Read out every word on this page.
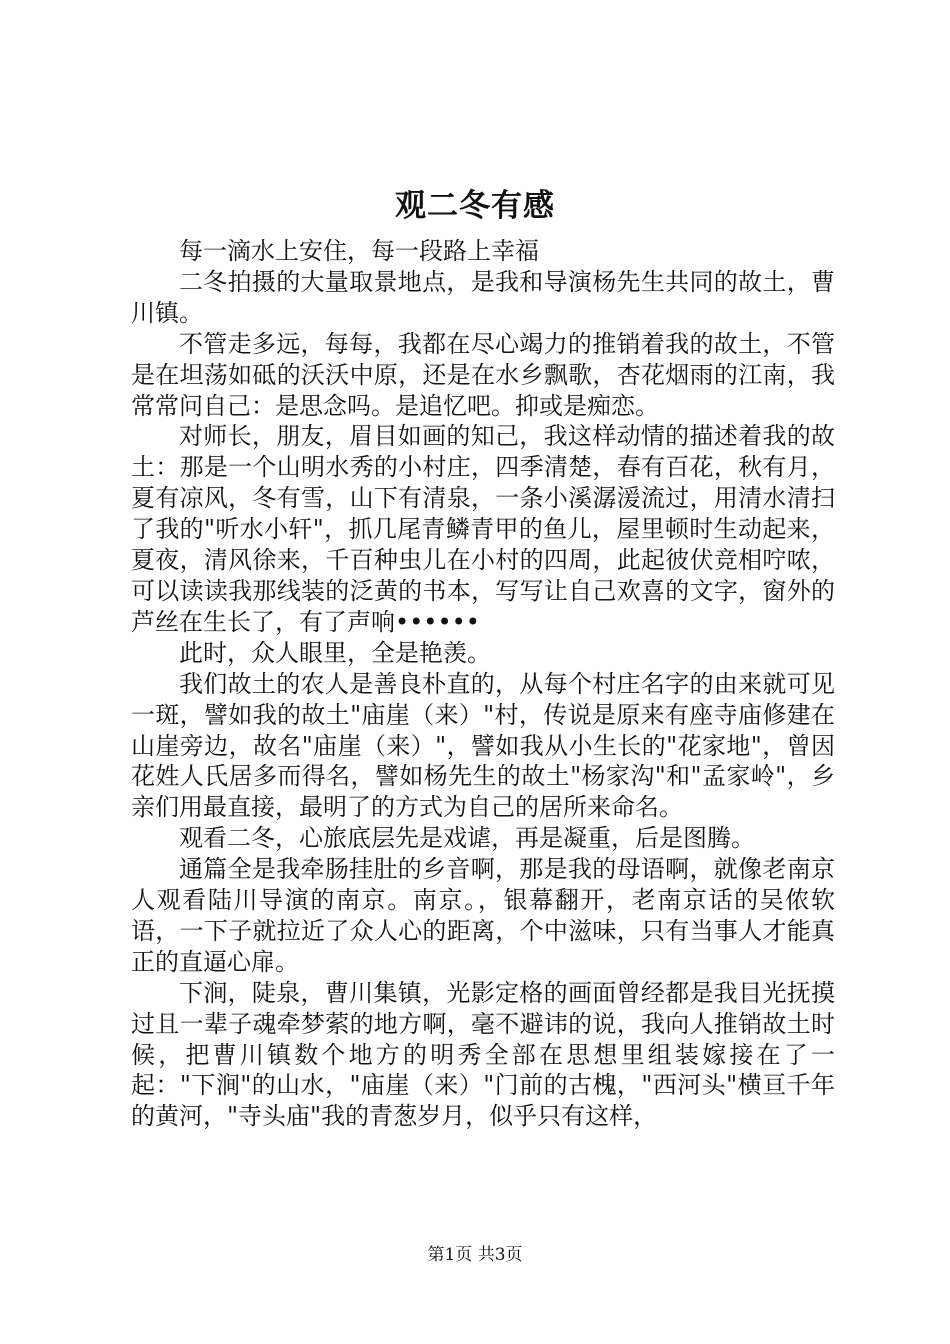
观二冬有感

每一滴水上安住，每一段路上幸福

二冬拍摄的大量取景地点，是我和导演杨先生共同的故土，曹川镇。

不管走多远，每每，我都在尽心竭力的推销着我的故土，不管是在坦荡如砥的沃沃中原，还是在水乡飘歌，杏花烟雨的江南，我常常问自己：是思念吗。是追忆吧。抑或是痴恋。

对师长，朋友，眉目如画的知己，我这样动情的描述着我的故土：那是一个山明水秀的小村庄，四季清楚，春有百花，秋有月，夏有凉风，冬有雪，山下有清泉，一条小溪潺湲流过，用清水清扫了我的"听水小轩"，抓几尾青鳞青甲的鱼儿，屋里顿时生动起来，夏夜，清风徐来，千百种虫儿在小村的四周，此起彼伏竞相咛哝，可以读读我那线装的泛黄的书本，写写让自己欢喜的文字，窗外的芦丝在生长了，有了声响••••••

此时，众人眼里，全是艳羡。

我们故土的农人是善良朴直的，从每个村庄名字的由来就可见一斑，譬如我的故土"庙崖（来）"村，传说是原来有座寺庙修建在山崖旁边，故名"庙崖（来）"，譬如我从小生长的"花家地"，曾因花姓人氏居多而得名，譬如杨先生的故土"杨家沟"和"孟家岭"，乡亲们用最直接，最明了的方式为自己的居所来命名。

观看二冬，心旅底层先是戏谑，再是凝重，后是图腾。

通篇全是我牵肠挂肚的乡音啊，那是我的母语啊，就像老南京人观看陆川导演的南京。南京。，银幕翻开，老南京话的吴侬软语，一下子就拉近了众人心的距离，个中滋味，只有当事人才能真正的直逼心扉。

下涧，陡泉，曹川集镇，光影定格的画面曾经都是我目光抚摸过且一辈子魂牵梦萦的地方啊，毫不避讳的说，我向人推销故土时候，把曹川镇数个地方的明秀全部在思想里组装嫁接在了一起："下涧"的山水，"庙崖（来）"门前的古槐，"西河头"横亘千年的黄河，"寺头庙"我的青葱岁月，似乎只有这样，

第1页 共3页
